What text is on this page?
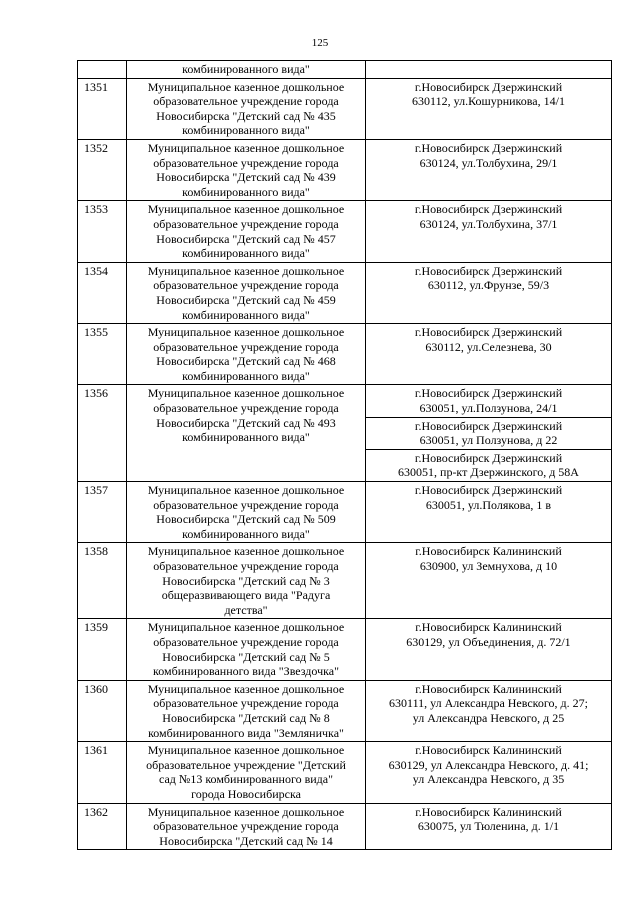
125

	комбинированного вида"	

1351	Муниципальное казенное дошкольное
образовательное учреждение города
Новосибирска "Детский сад № 435
комбинированного вида"	г.Новосибирск Дзержинский
630112, ул.Кошурникова, 14/1

1352	Муниципальное казенное дошкольное
образовательное учреждение города
Новосибирска "Детский сад № 439
комбинированного вида"	г.Новосибирск Дзержинский
630124, ул.Толбухина, 29/1

1353	Муниципальное казенное дошкольное
образовательное учреждение города
Новосибирска "Детский сад № 457
комбинированного вида"	г.Новосибирск Дзержинский
630124, ул.Толбухина, 37/1

1354	Муниципальное казенное дошкольное
образовательное учреждение города
Новосибирска "Детский сад № 459
комбинированного вида"	г.Новосибирск Дзержинский
630112, ул.Фрунзе, 59/3

1355	Муниципальное казенное дошкольное
образовательное учреждение города
Новосибирска "Детский сад № 468
комбинированного вида"	г.Новосибирск Дзержинский
630112, ул.Селезнева, 30

1356	Муниципальное казенное дошкольное
образовательное учреждение города
Новосибирска "Детский сад № 493
комбинированного вида"	г.Новосибирск Дзержинский
630051, ул.Ползунова, 24/1

		г.Новосибирск Дзержинский
630051, ул Ползунова, д 22

		г.Новосибирск Дзержинский
630051, пр-кт Дзержинского, д 58А

1357	Муниципальное казенное дошкольное
образовательное учреждение города
Новосибирска "Детский сад № 509
комбинированного вида"	г.Новосибирск Дзержинский
630051, ул.Полякова, 1 в

1358	Муниципальное казенное дошкольное
образовательное учреждение города
Новосибирска "Детский сад № 3
общеразвивающего вида "Радуга
детства"	г.Новосибирск Калининский
630900, ул Земнухова, д 10

1359	Муниципальное казенное дошкольное
образовательное учреждение города
Новосибирска "Детский сад № 5
комбинированного вида "Звездочка"	г.Новосибирск Калининский
630129, ул Объединения, д. 72/1

1360	Муниципальное казенное дошкольное
образовательное учреждение города
Новосибирска "Детский сад № 8
комбинированного вида "Земляничка"	г.Новосибирск Калининский
630111, ул Александра Невского, д. 27;
ул Александра Невского, д 25

1361	Муниципальное казенное дошкольное
образовательное учреждение "Детский
сад №13 комбинированного вида"
города Новосибирска	г.Новосибирск Калининский
630129, ул Александра Невского, д. 41;
ул Александра Невского, д 35

1362	Муниципальное казенное дошкольное
образовательное учреждение города
Новосибирска "Детский сад № 14	г.Новосибирск Калининский
630075, ул Тюленина, д. 1/1
